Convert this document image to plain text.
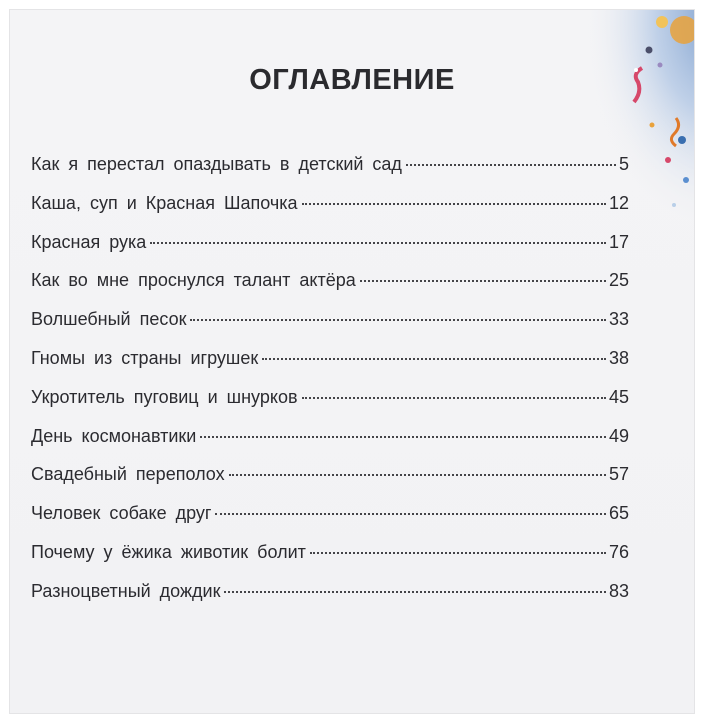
ОГЛАВЛЕНИЕ
Как я перестал опаздывать в детский сад	5
Каша, суп и Красная Шапочка	12
Красная рука	17
Как во мне проснулся талант актёра	25
Волшебный песок	33
Гномы из страны игрушек	38
Укротитель пуговиц и шнурков	45
День космонавтики	49
Свадебный переполох	57
Человек собаке друг	65
Почему у ёжика животик болит	76
Разноцветный дождик	83
